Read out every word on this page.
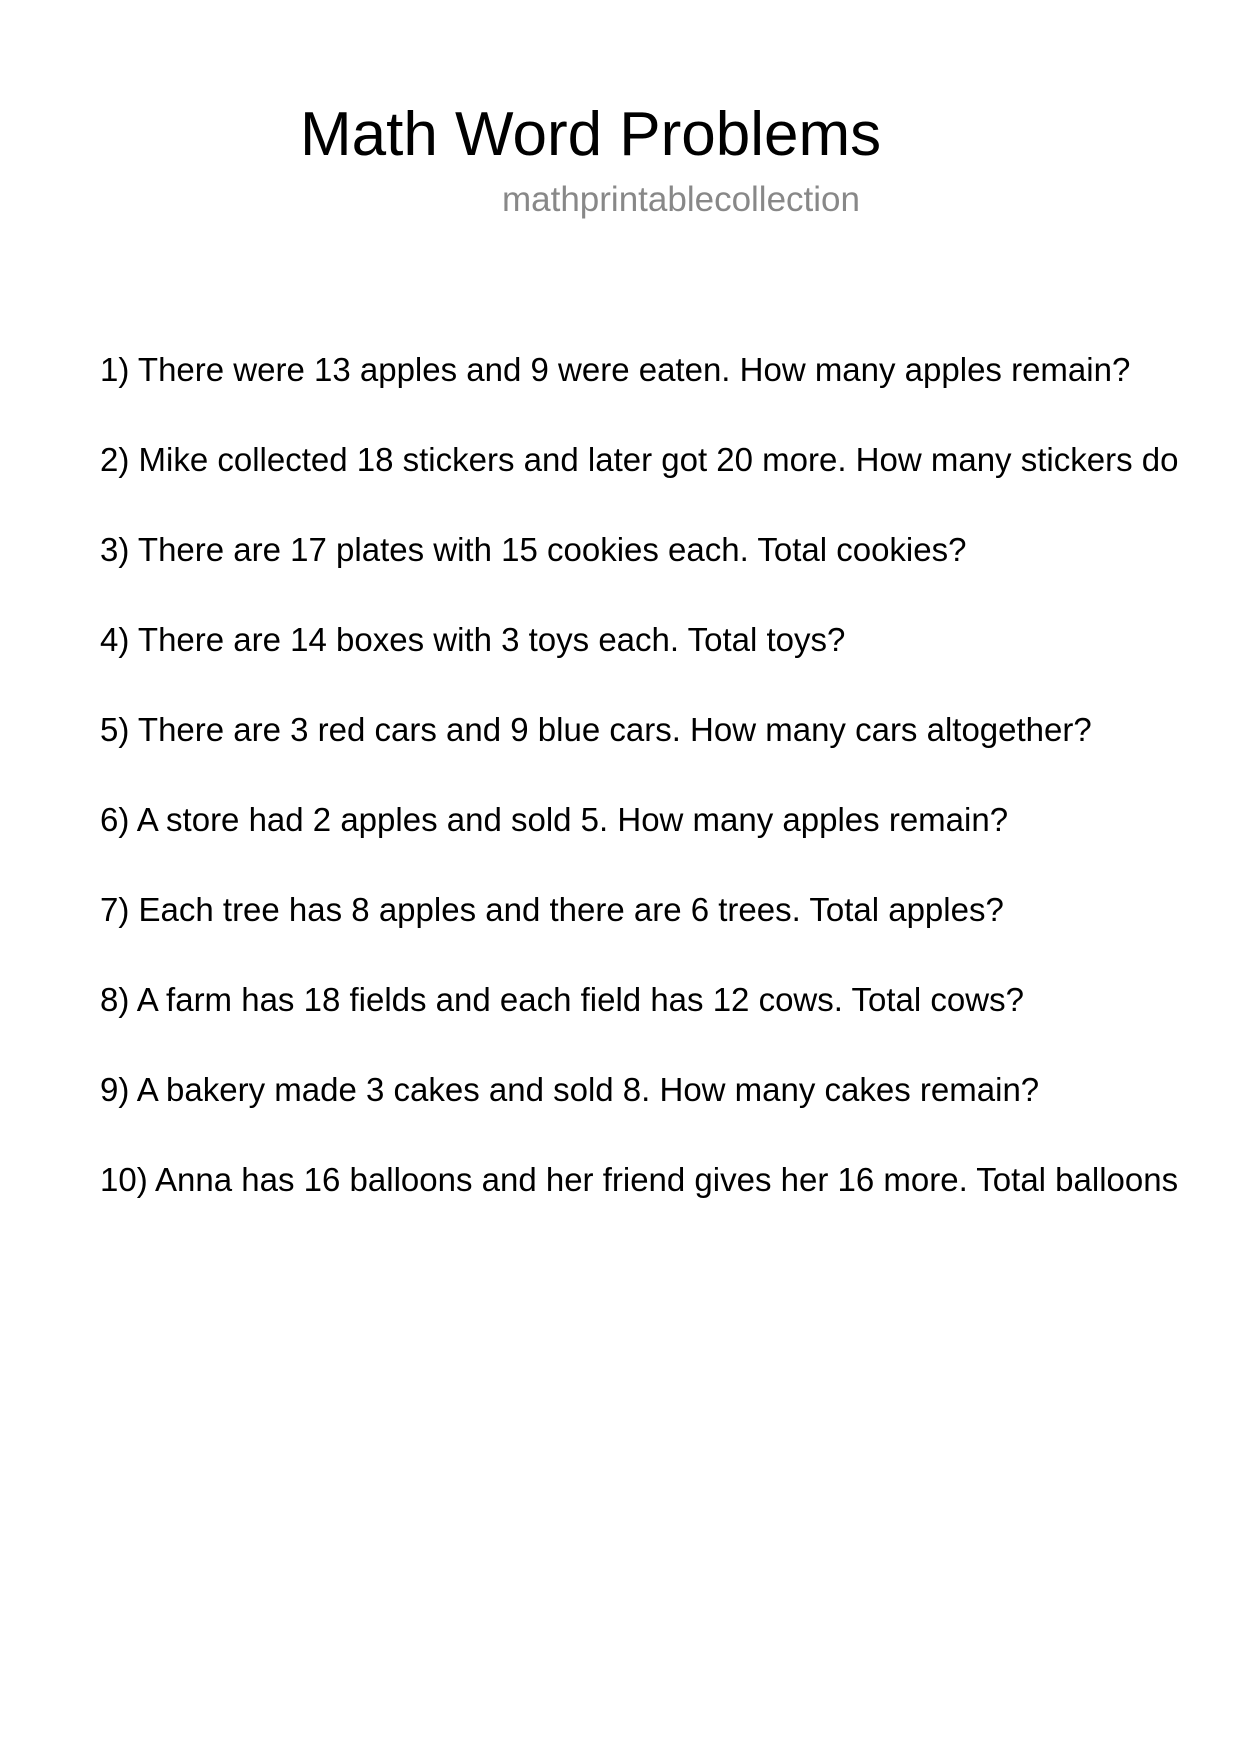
Math Word Problems
mathprintablecollection
1) There were 13 apples and 9 were eaten. How many apples remain?
2) Mike collected 18 stickers and later got 20 more. How many stickers do
3) There are 17 plates with 15 cookies each. Total cookies?
4) There are 14 boxes with 3 toys each. Total toys?
5) There are 3 red cars and 9 blue cars. How many cars altogether?
6) A store had 2 apples and sold 5. How many apples remain?
7) Each tree has 8 apples and there are 6 trees. Total apples?
8) A farm has 18 fields and each field has 12 cows. Total cows?
9) A bakery made 3 cakes and sold 8. How many cakes remain?
10) Anna has 16 balloons and her friend gives her 16 more. Total balloons
